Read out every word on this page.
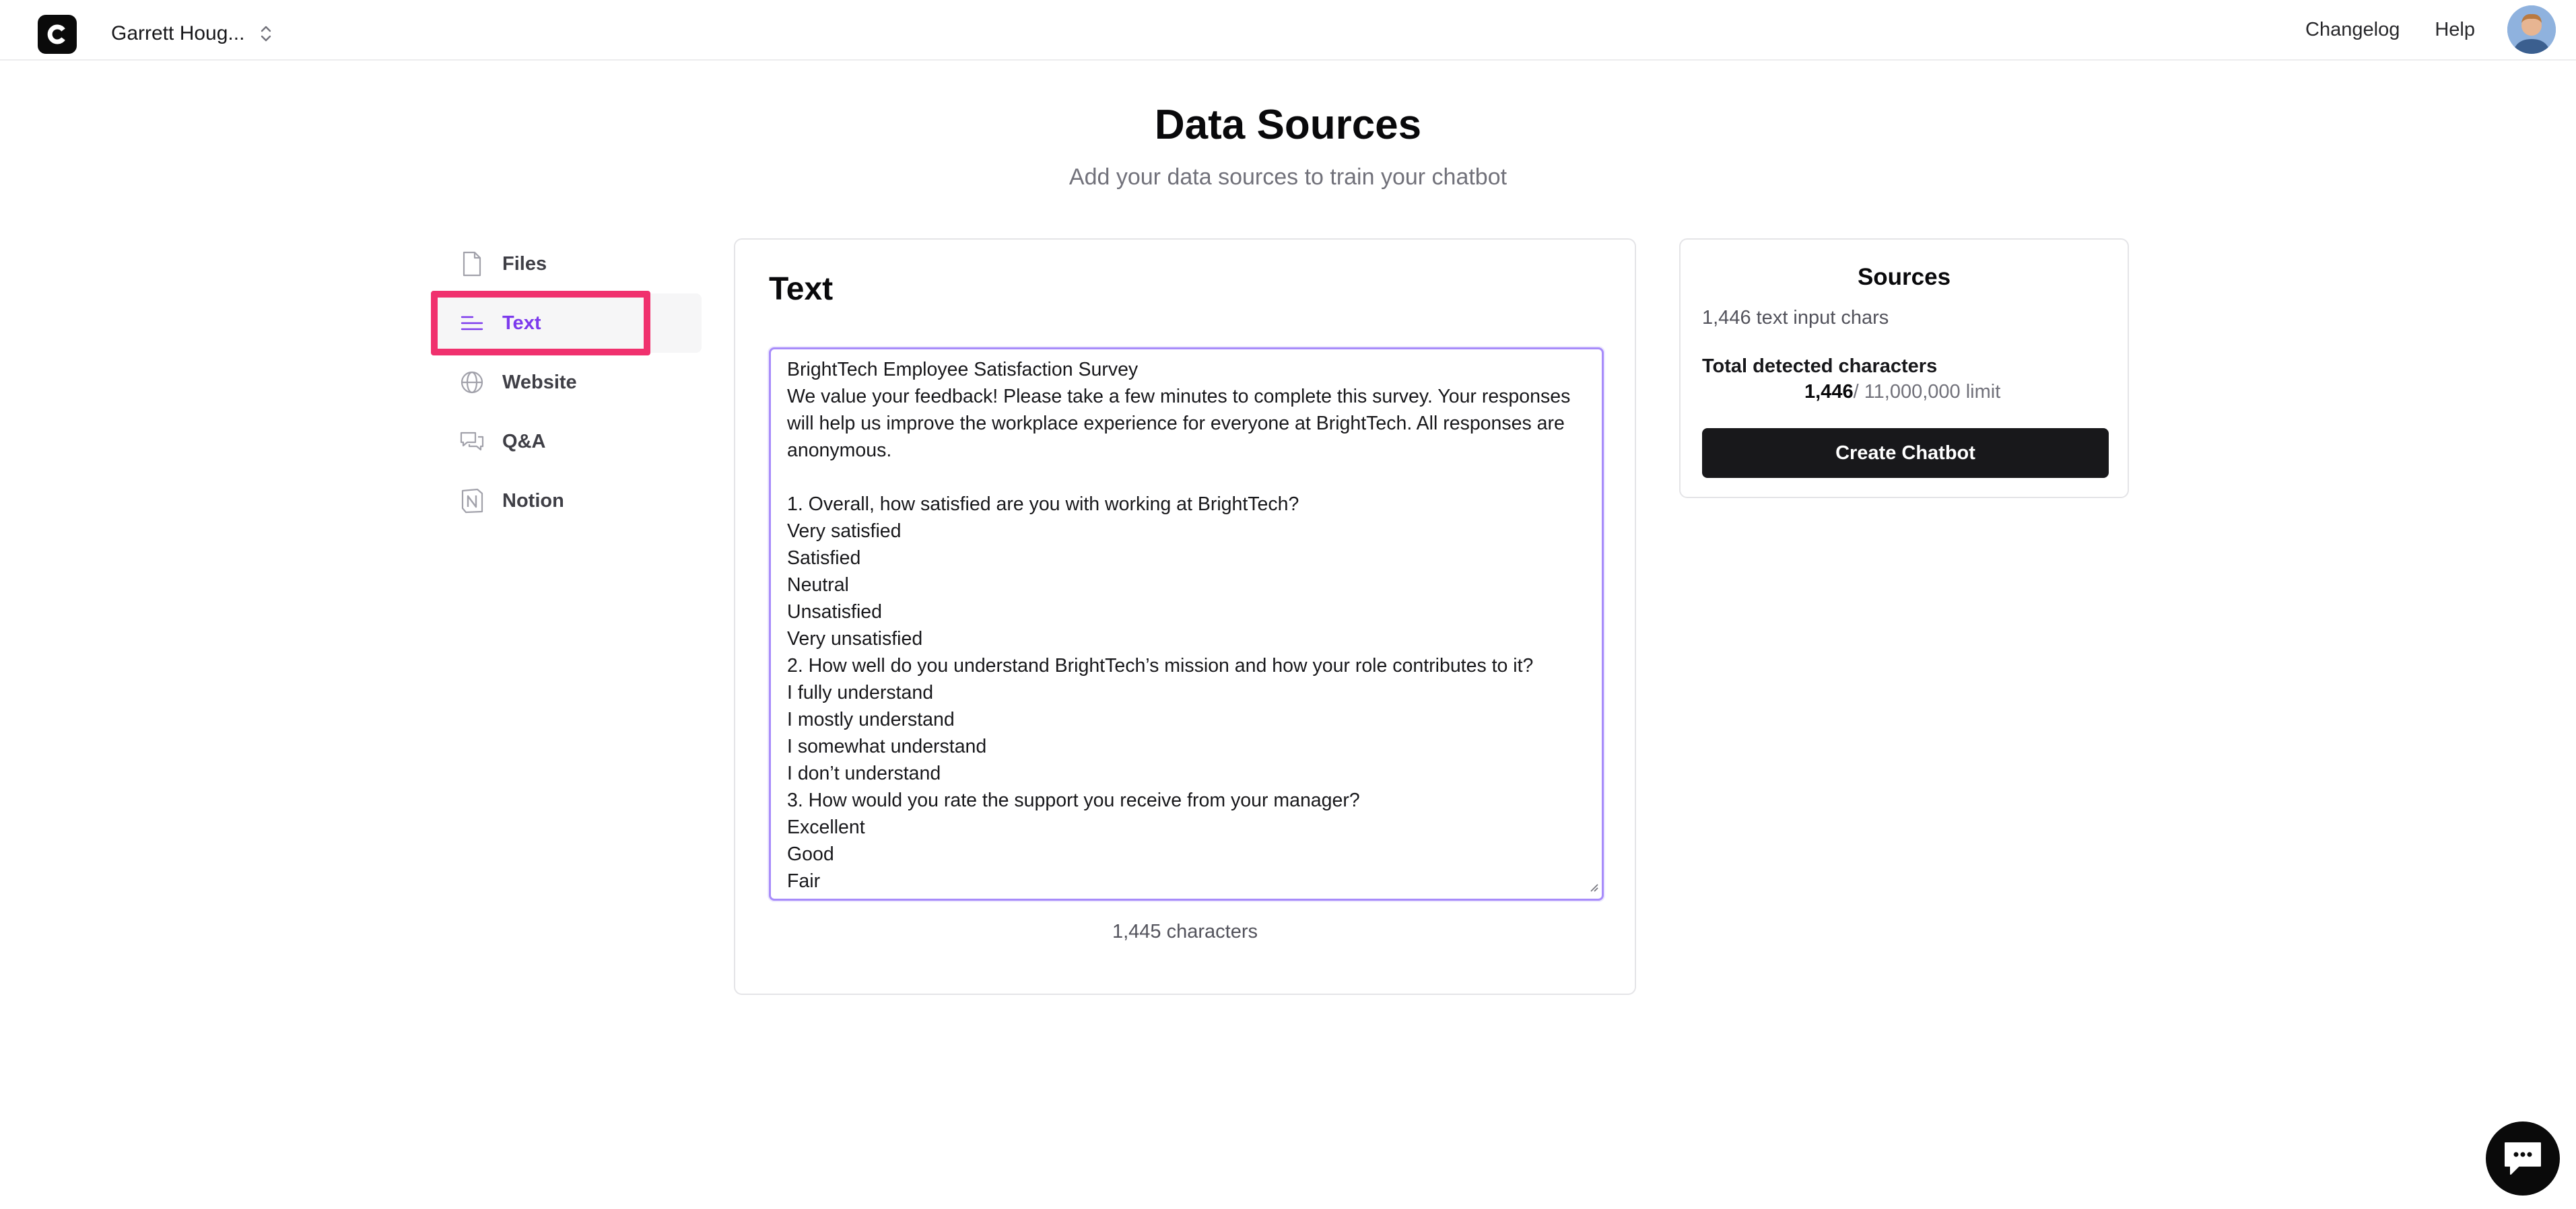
Garrett Houg...	Changelog Help
Data Sources

Add your data sources to train your chatbot

Files
Text
Website
Q&A
Notion
Text
BrightTech Employee Satisfaction Survey We value your feedback! Please take a few minutes to complete this survey. Your responses will help us improve the workplace experience for everyone at BrightTech. All responses are anonymous. 1. Overall, how satisfied are you with working at BrightTech? Very satisfied Satisfied Neutral Unsatisfied Very unsatisfied 2. How well do you understand BrightTech’s mission and how your role contributes to it? I fully understand I mostly understand I somewhat understand I don’t understand 3. How would you rate the support you receive from your manager? Excellent Good Fair
1,445 characters
Sources
1,446 text input chars
Total detected characters
1,446/ 11,000,000 limit
Create Chatbot
